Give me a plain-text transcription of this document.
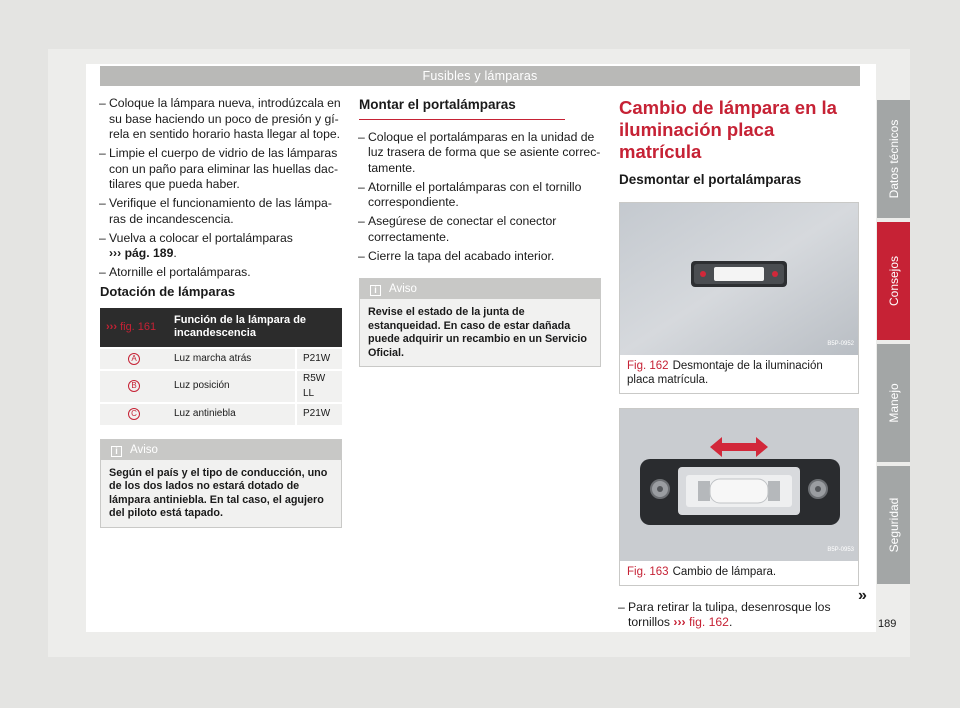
Fusibles y lámparas
– Coloque la lámpara nueva, introdúzcala en su base haciendo un poco de presión y gírela en sentido horario hasta llegar al tope.
– Limpie el cuerpo de vidrio de las lámparas con un paño para eliminar las huellas dactilares que pueda haber.
– Verifique el funcionamiento de las lámparas de incandescencia.
– Vuelva a colocar el portalámparas
››› pág. 189.
– Atornille el portalámparas.
Dotación de lámparas
››› fig. 161	Función de la lámpara de incandescencia	
A	Luz marcha atrás	P21W
B	Luz posición	R5W LL
C	Luz antiniebla	P21W
i Aviso
Según el país y el tipo de conducción, uno de los dos lados no estará dotado de lámpara antiniebla. En tal caso, el agujero del piloto está tapado.
Montar el portalámparas
– Coloque el portalámparas en la unidad de luz trasera de forma que se asiente correctamente.
– Atornille el portalámparas con el tornillo correspondiente.
– Asegúrese de conectar el conector correctamente.
– Cierre la tapa del acabado interior.
i Aviso
Revise el estado de la junta de estanqueidad. En caso de estar dañada puede adquirir un recambio en un Servicio Oficial.
Cambio de lámpara en la iluminación placa matrícula
Desmontar el portalámparas
B5P-0952
Fig. 162 Desmontaje de la iluminación placa matrícula.
B5P-0953
Fig. 163 Cambio de lámpara.
– Para retirar la tulipa, desenrosque los tornillos ››› fig. 162.
»
Datos técnicos
Consejos
Manejo
Seguridad
189
